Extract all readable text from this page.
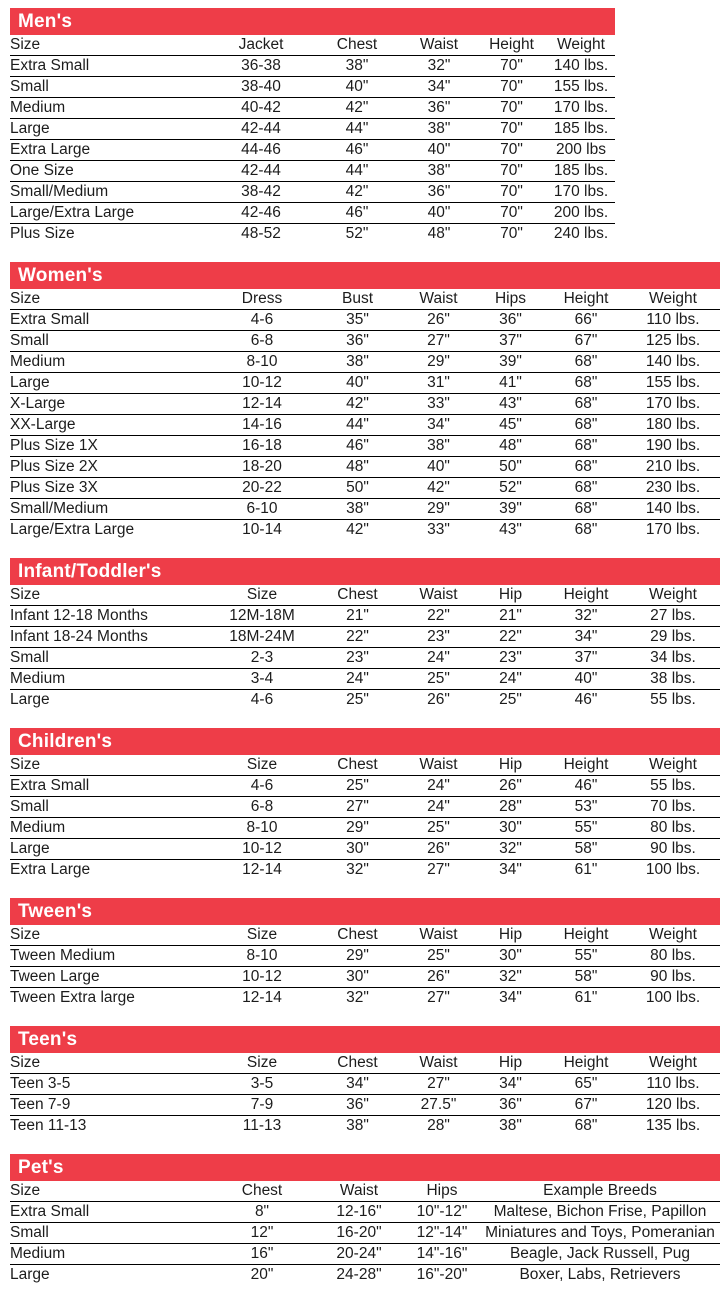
Men's
Size	Jacket	Chest	Waist	Height	Weight
Extra Small	36-38	38"	32"	70"	140 lbs.
Small	38-40	40"	34"	70"	155 lbs.
Medium	40-42	42"	36"	70"	170 lbs.
Large	42-44	44"	38"	70"	185 lbs.
Extra Large	44-46	46"	40"	70"	200 lbs
One Size	42-44	44"	38"	70"	185 lbs.
Small/Medium	38-42	42"	36"	70"	170 lbs.
Large/Extra Large	42-46	46"	40"	70"	200 lbs.
Plus Size	48-52	52"	48"	70"	240 lbs.
Women's
Size	Dress	Bust	Waist	Hips	Height	Weight
Extra Small	4-6	35"	26"	36"	66"	110 lbs.
Small	6-8	36"	27"	37"	67"	125 lbs.
Medium	8-10	38"	29"	39"	68"	140 lbs.
Large	10-12	40"	31"	41"	68"	155 lbs.
X-Large	12-14	42"	33"	43"	68"	170 lbs.
XX-Large	14-16	44"	34"	45"	68"	180 lbs.
Plus Size 1X	16-18	46"	38"	48"	68"	190 lbs.
Plus Size 2X	18-20	48"	40"	50"	68"	210 lbs.
Plus Size 3X	20-22	50"	42"	52"	68"	230 lbs.
Small/Medium	6-10	38"	29"	39"	68"	140 lbs.
Large/Extra Large	10-14	42"	33"	43"	68"	170 lbs.
Infant/Toddler's
Size	Size	Chest	Waist	Hip	Height	Weight
Infant 12-18 Months	12M-18M	21"	22"	21"	32"	27 lbs.
Infant 18-24 Months	18M-24M	22"	23"	22"	34"	29 lbs.
Small	2-3	23"	24"	23"	37"	34 lbs.
Medium	3-4	24"	25"	24"	40"	38 lbs.
Large	4-6	25"	26"	25"	46"	55 lbs.
Children's
Size	Size	Chest	Waist	Hip	Height	Weight
Extra Small	4-6	25"	24"	26"	46"	55 lbs.
Small	6-8	27"	24"	28"	53"	70 lbs.
Medium	8-10	29"	25"	30"	55"	80 lbs.
Large	10-12	30"	26"	32"	58"	90 lbs.
Extra Large	12-14	32"	27"	34"	61"	100 lbs.
Tween's
Size	Size	Chest	Waist	Hip	Height	Weight
Tween Medium	8-10	29"	25"	30"	55"	80 lbs.
Tween Large	10-12	30"	26"	32"	58"	90 lbs.
Tween Extra large	12-14	32"	27"	34"	61"	100 lbs.
Teen's
Size	Size	Chest	Waist	Hip	Height	Weight
Teen 3-5	3-5	34"	27"	34"	65"	110 lbs.
Teen 7-9	7-9	36"	27.5"	36"	67"	120 lbs.
Teen 11-13	11-13	38"	28"	38"	68"	135 lbs.
Pet's
Size	Chest	Waist	Hips	Example Breeds
Extra Small	8"	12-16"	10"-12"	Maltese, Bichon Frise, Papillon
Small	12"	16-20"	12"-14"	Miniatures and Toys, Pomeranian
Medium	16"	20-24"	14"-16"	Beagle, Jack Russell, Pug
Large	20"	24-28"	16"-20"	Boxer, Labs, Retrievers
